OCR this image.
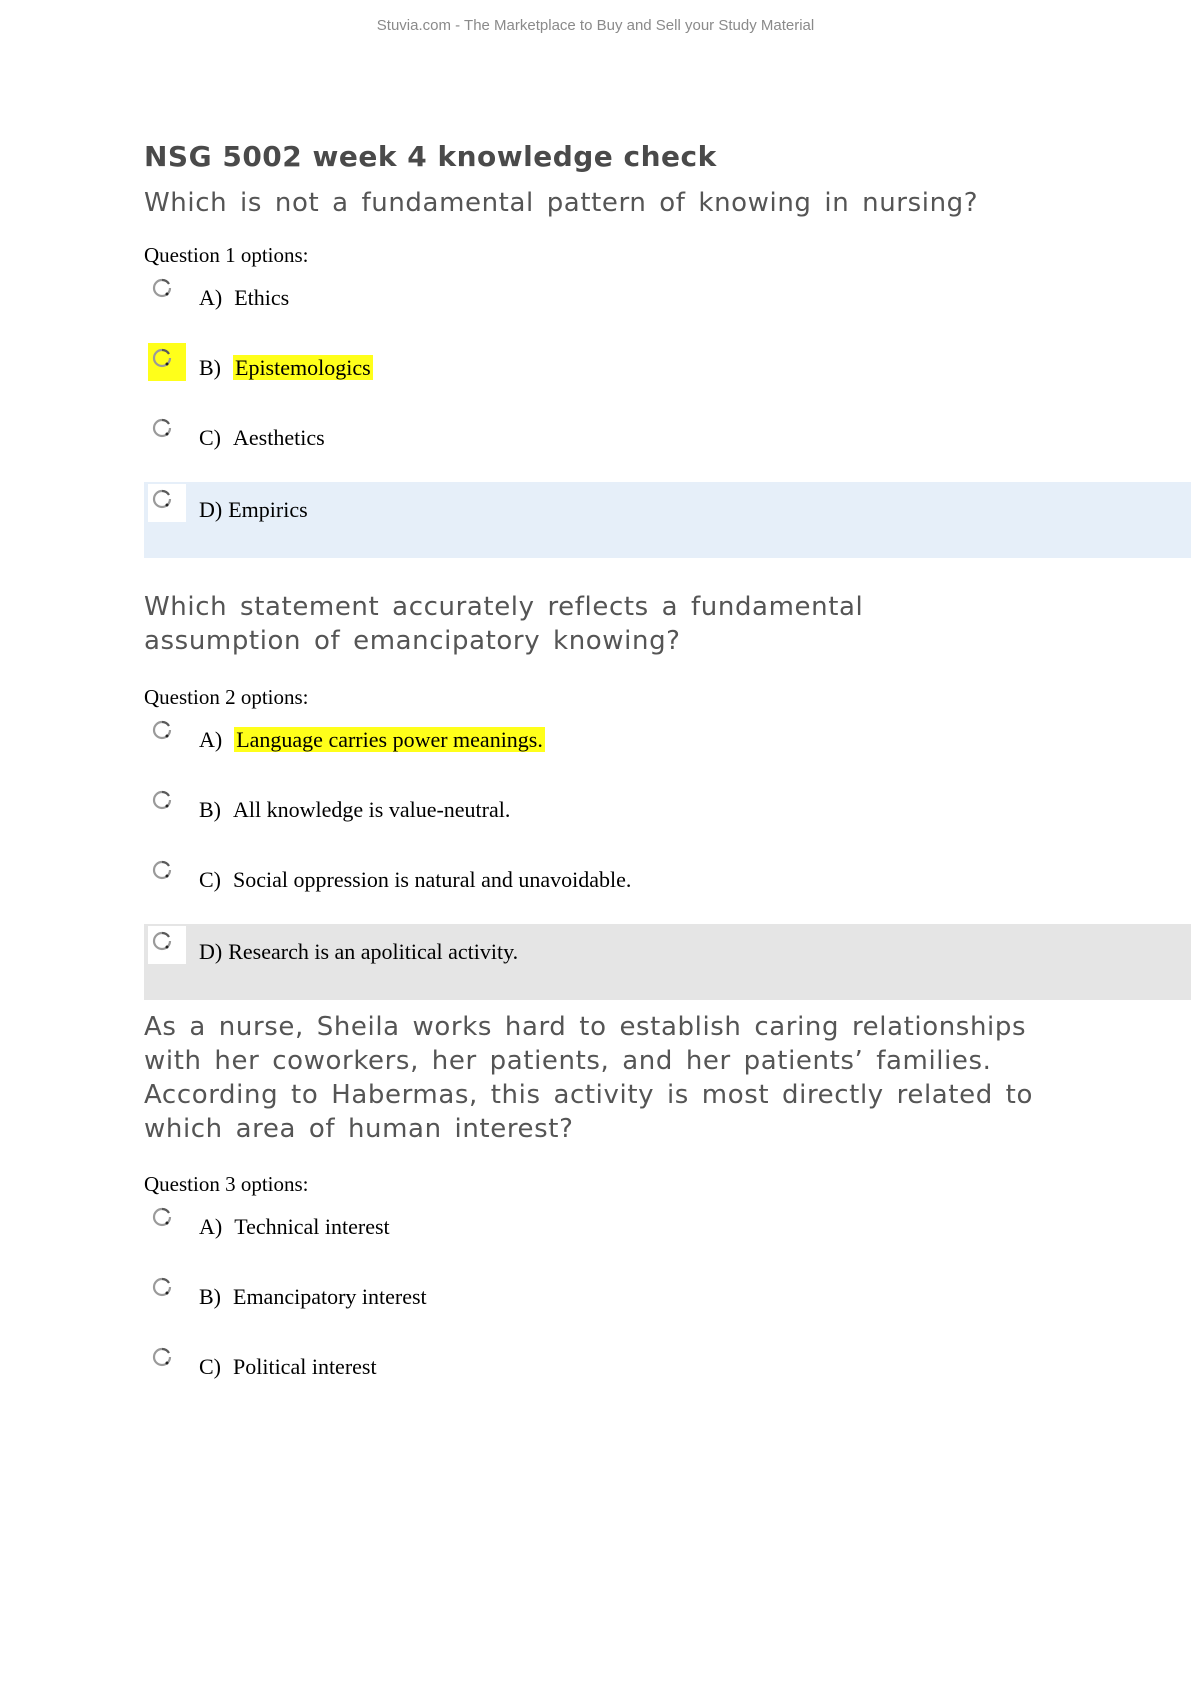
Stuvia.com - The Marketplace to Buy and Sell your Study Material
NSG 5002 week 4 knowledge check
Which is not a fundamental pattern of knowing in nursing?
Question 1 options:
A) Ethics
B) Epistemologics
C) Aesthetics
D) Empirics
Which statement accurately reflects a fundamental
assumption of emancipatory knowing?
Question 2 options:
A) Language carries power meanings.
B) All knowledge is value-neutral.
C) Social oppression is natural and unavoidable.
D) Research is an apolitical activity.
As a nurse, Sheila works hard to establish caring relationships
with her coworkers, her patients, and her patients’ families.
According to Habermas, this activity is most directly related to
which area of human interest?
Question 3 options:
A) Technical interest
B) Emancipatory interest
C) Political interest
